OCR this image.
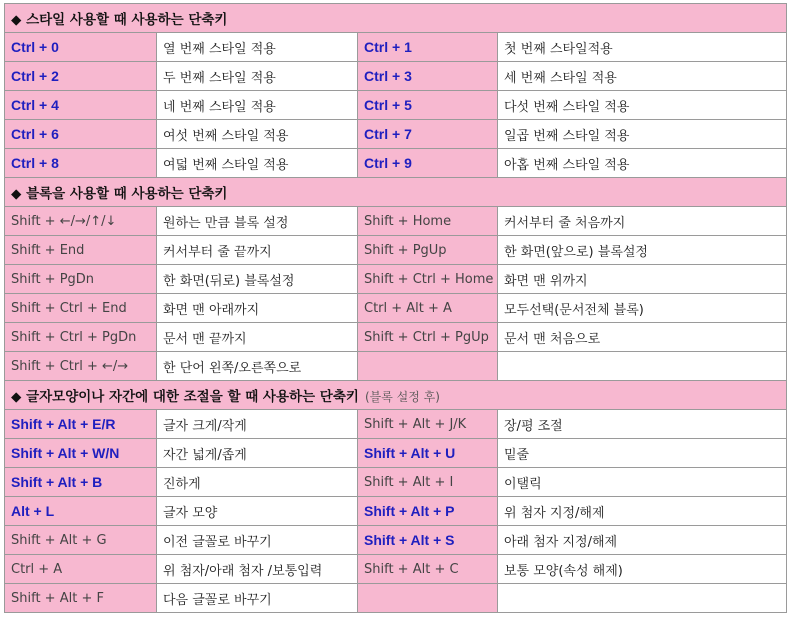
◆ 스타일 사용할 때 사용하는 단축키			
Ctrl + 0	열 번째 스타일 적용	Ctrl + 1	첫 번째 스타일적용
Ctrl + 2	두 번째 스타일 적용	Ctrl + 3	세 번째 스타일 적용
Ctrl + 4	네 번째 스타일 적용	Ctrl + 5	다섯 번째 스타일 적용
Ctrl + 6	여섯 번째 스타일 적용	Ctrl + 7	일곱 번째 스타일 적용
Ctrl + 8	여덟 번째 스타일 적용	Ctrl + 9	아홉 번째 스타일 적용
◆ 블록을 사용할 때 사용하는 단축키			
Shift + ←/→/↑/↓	원하는 만큼 블록 설정	Shift + Home	커서부터 줄 처음까지
Shift + End	커서부터 줄 끝까지	Shift + PgUp	한 화면(앞으로) 블록설정
Shift + PgDn	한 화면(뒤로) 블록설정	Shift + Ctrl + Home	화면 맨 위까지
Shift + Ctrl + End	화면 맨 아래까지	Ctrl + Alt + A	모두선택(문서전체 블록)
Shift + Ctrl + PgDn	문서 맨 끝까지	Shift + Ctrl + PgUp	문서 맨 처음으로
Shift + Ctrl + ←/→	한 단어 왼쪽/오른쪽으로		
◆ 글자모양이나 자간에 대한 조절을 할 때 사용하는 단축키 (블록 설정 후)			
Shift + Alt + E/R	글자 크게/작게	Shift + Alt + J/K	장/평 조절
Shift + Alt + W/N	자간 넓게/좁게	Shift + Alt + U	밑줄
Shift + Alt + B	진하게	Shift + Alt + I	이탤릭
Alt + L	글자 모양	Shift + Alt + P	위 첨자 지정/해제
Shift + Alt + G	이전 글꼴로 바꾸기	Shift + Alt + S	아래 첨자 지정/해제
Ctrl + A	위 첨자/아래 첨자 /보통입력	Shift + Alt + C	보통 모양(속성 해제)
Shift + Alt + F	다음 글꼴로 바꾸기		
